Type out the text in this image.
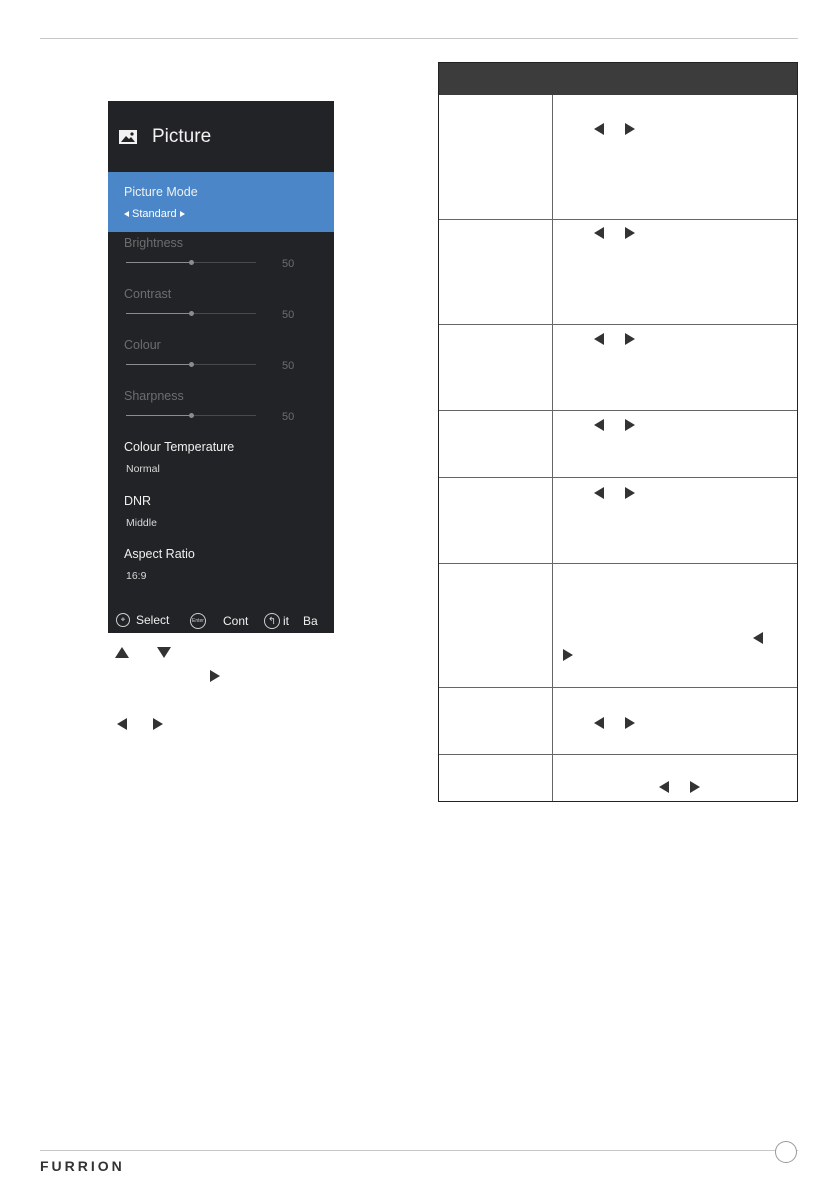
Picture
Picture Mode
Standard
Brightness
50
Contrast
50
Colour
50
Sharpness
50
Colour Temperature
Normal
DNR
Middle
Aspect Ratio
16:9
✥ Select	Enter Cont	↰ it Ba
FURRION
